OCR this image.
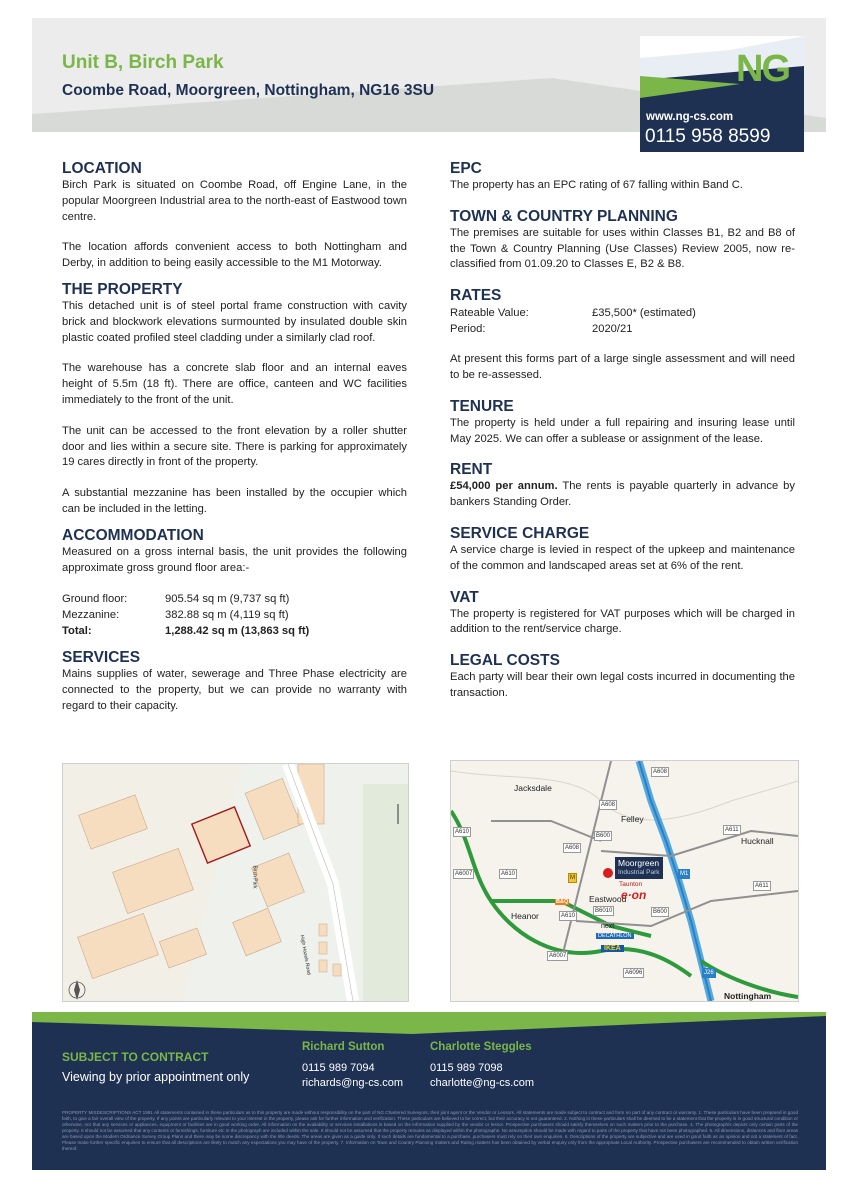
Unit B, Birch Park
Coombe Road, Moorgreen, Nottingham, NG16 3SU
NG
www.ng-cs.com
0115 958 8599
LOCATION

Birch Park is situated on Coombe Road, off Engine Lane, in the popular Moorgreen Industrial area to the north-east of Eastwood town centre.

The location affords convenient access to both Nottingham and Derby, in addition to being easily accessible to the M1 Motorway.

THE PROPERTY

This detached unit is of steel portal frame construction with cavity brick and blockwork elevations surmounted by insulated double skin plastic coated profiled steel cladding under a similarly clad roof.

The warehouse has a concrete slab floor and an internal eaves height of 5.5m (18 ft). There are office, canteen and WC facilities immediately to the front of the unit.

The unit can be accessed to the front elevation by a roller shutter door and lies within a secure site. There is parking for approximately 19 cares directly in front of the property.

A substantial mezzanine has been installed by the occupier which can be included in the letting.

ACCOMMODATION

Measured on a gross internal basis, the unit provides the following approximate gross ground floor area:-

Ground floor:	905.54 sq m (9,737 sq ft)
Mezzanine:	382.88 sq m (4,119 sq ft)
Total:	1,288.42 sq m (13,863 sq ft)
SERVICES

Mains supplies of water, sewerage and Three Phase electricity are connected to the property, but we can provide no warranty with regard to their capacity.

EPC

The property has an EPC rating of 67 falling within Band C.

TOWN & COUNTRY PLANNING

The premises are suitable for uses within Classes B1, B2 and B8 of the Town & Country Planning (Use Classes) Review 2005, now re-classified from 01.09.20 to Classes E, B2 & B8.

RATES
Rateable Value:	£35,500* (estimated)
Period:	2020/21

At present this forms part of a large single assessment and will need to be re-assessed.

TENURE

The property is held under a full repairing and insuring lease until May 2025. We can offer a sublease or assignment of the lease.

RENT

£54,000 per annum. The rents is payable quarterly in advance by bankers Standing Order.

SERVICE CHARGE

A service charge is levied in respect of the upkeep and maintenance of the common and landscaped areas set at 6% of the rent.

VAT

The property is registered for VAT purposes which will be charged in addition to the rent/service charge.

LEGAL COSTS

Each party will bear their own legal costs incurred in documenting the transaction.

Birch Park
High Hazels Road
Jacksdale
Felley
Hucknall
Eastwood
Heanor
Nottingham
A608
A608
A610
B600
A608
A6007	A610
A611
A611
B6010	B600
A610
A6007
A6096
M1
J26
M
Moorgreen
Industrial Park
Taunton
e·on
next
DECATHLON
IKEA
B&Q
SUBJECT TO CONTRACT
Viewing by prior appointment only
Richard Sutton
0115 989 7094
richards@ng-cs.com
Charlotte Steggles
0115 989 7098
charlotte@ng-cs.com
PROPERTY MISDESCRIPTIONS ACT 1991 All statements contained in these particulars as to this property are made without responsibility on the part of NG Chartered Surveyors, their joint agent or the Vendor or Lessors. All statements are made subject to contract and form no part of any contract or warranty. 1. These particulars have been prepared in good faith, to give a fair overall view of the property. If any points are particularly relevant to your interest in the property, please ask for further information and verification. These particulars are believed to be correct, but their accuracy is not guaranteed. 2. Nothing in these particulars shall be deemed to be a statement that the property is in good structural condition or otherwise, nor that any services or appliances, equipment or facilities are in good working order. All information on the availability or services installations is based on the information supplied by the vendor or lessor. Prospective purchasers should satisfy themselves on such matters prior to the purchase. 4. The photograph/s depicts only certain parts of the property. It should not be assumed that any contents or furnishings, furniture etc in the photograph are included within the sale. It should not be assumed that the property remains as displayed within the photographs. No assumption should be made with regard to parts of the property that have not been photographed. 5. All dimensions, distances and floor areas are based upon the Modern Ordnance Survey Group Plans and there may be some discrepancy with the title deeds. The areas are given as a guide only. If such details are fundamental to a purchase, purchasers must rely on their own enquiries. 6. Descriptions of the property are subjective and are used in good faith as an opinion and not a statement of fact. Please make further specific enquiries to ensure that all descriptions are likely to match any expectations you may have of the property. 7. Information on Town and Country Planning matters and Rating matters has been obtained by verbal enquiry only from the appropriate Local Authority. Prospective purchasers are recommended to obtain written verification thereof.
